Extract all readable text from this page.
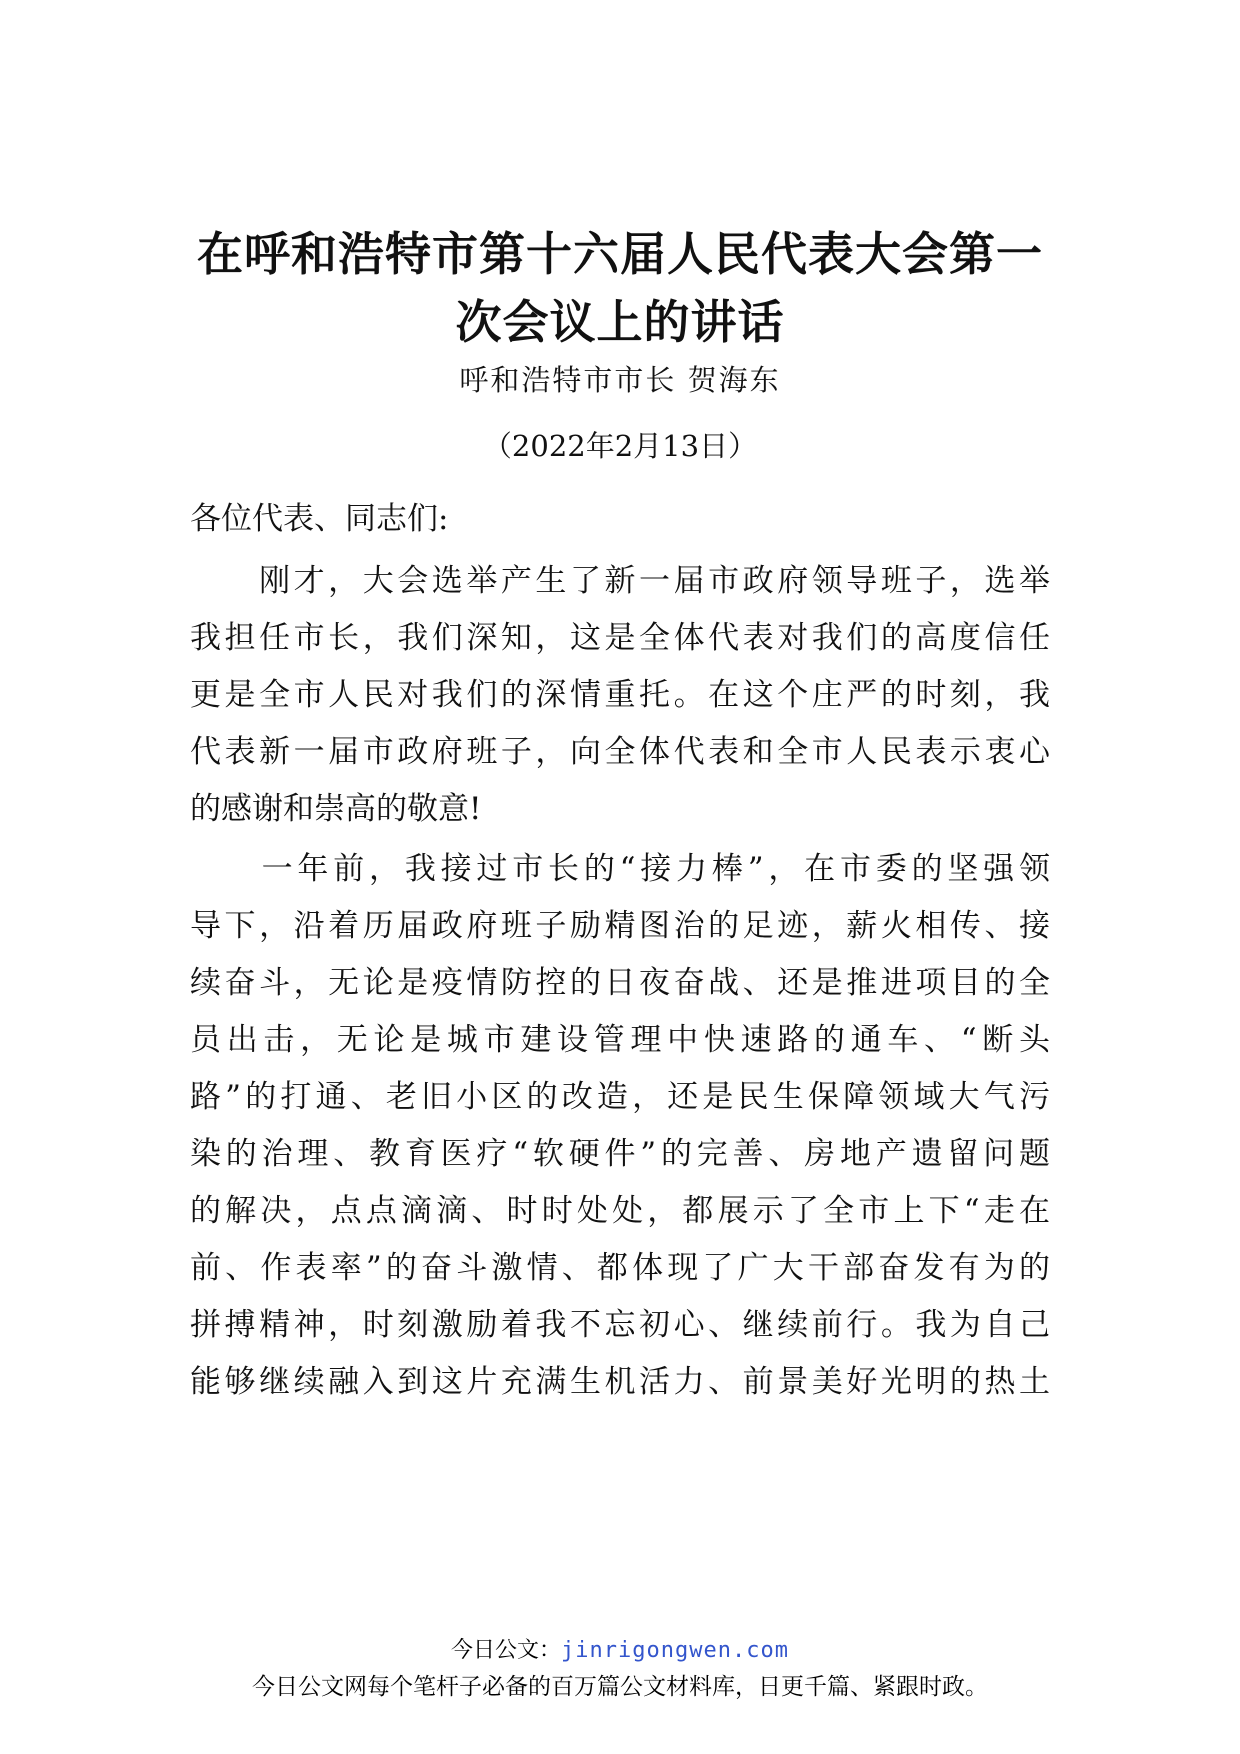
在呼和浩特市第十六届人民代表大会第一
次会议上的讲话
呼和浩特市市长 贺海东
（2022年2月13日）
各位代表、同志们:
　　刚才，大会选举产生了新一届市政府领导班子，选举
我担任市长，我们深知，这是全体代表对我们的高度信任
更是全市人民对我们的深情重托。在这个庄严的时刻，我
代表新一届市政府班子，向全体代表和全市人民表示衷心
的感谢和崇高的敬意!
　　一年前，我接过市长的“接力棒”，在市委的坚强领
导下，沿着历届政府班子励精图治的足迹，薪火相传、接
续奋斗，无论是疫情防控的日夜奋战、还是推进项目的全
员出击，无论是城市建设管理中快速路的通车、“断头
路”的打通、老旧小区的改造，还是民生保障领域大气污
染的治理、教育医疗“软硬件”的完善、房地产遗留问题
的解决，点点滴滴、时时处处，都展示了全市上下“走在
前、作表率”的奋斗激情、都体现了广大干部奋发有为的
拼搏精神，时刻激励着我不忘初心、继续前行。我为自己
能够继续融入到这片充满生机活力、前景美好光明的热土
今日公文：jinrigongwen.com
今日公文网每个笔杆子必备的百万篇公文材料库，日更千篇、紧跟时政。
